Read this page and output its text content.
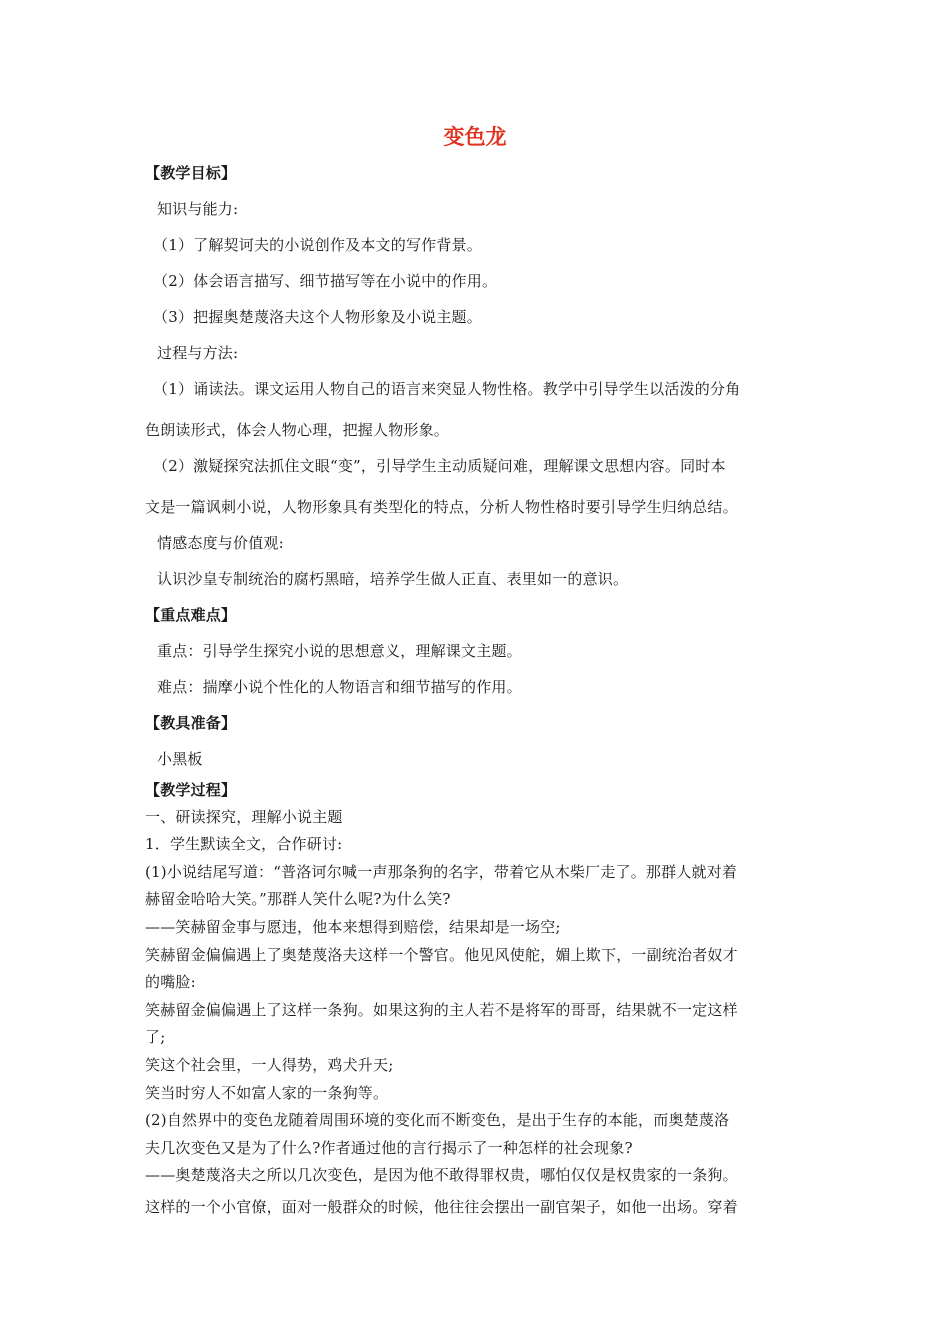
变色龙
【教学目标】
知识与能力:
（1）了解契诃夫的小说创作及本文的写作背景。
（2）体会语言描写、细节描写等在小说中的作用。
（3）把握奥楚蔑洛夫这个人物形象及小说主题。
过程与方法:
（1）诵读法。课文运用人物自己的语言来突显人物性格。教学中引导学生以活泼的分角
色朗读形式，体会人物心理，把握人物形象。
（2）激疑探究法抓住文眼“变”，引导学生主动质疑问难，理解课文思想内容。同时本
文是一篇讽刺小说，人物形象具有类型化的特点，分析人物性格时要引导学生归纳总结。
情感态度与价值观:
认识沙皇专制统治的腐朽黑暗，培养学生做人正直、表里如一的意识。
【重点难点】
重点：引导学生探究小说的思想意义，理解课文主题。
难点：揣摩小说个性化的人物语言和细节描写的作用。
【教具准备】
小黑板
【教学过程】
一、研读探究，理解小说主题
1．学生默读全文，合作研讨:
(1)小说结尾写道：“普洛诃尔喊一声那条狗的名字，带着它从木柴厂走了。那群人就对着
赫留金哈哈大笑。”那群人笑什么呢?为什么笑?
——笑赫留金事与愿违，他本来想得到赔偿，结果却是一场空;
笑赫留金偏偏遇上了奥楚蔑洛夫这样一个警官。他见风使舵，媚上欺下，一副统治者奴才
的嘴脸:
笑赫留金偏偏遇上了这样一条狗。如果这狗的主人若不是将军的哥哥，结果就不一定这样
了;
笑这个社会里，一人得势，鸡犬升天;
笑当时穷人不如富人家的一条狗等。
(2)自然界中的变色龙随着周围环境的变化而不断变色，是出于生存的本能，而奥楚蔑洛
夫几次变色又是为了什么?作者通过他的言行揭示了一种怎样的社会现象?
——奥楚蔑洛夫之所以几次变色，是因为他不敢得罪权贵，哪怕仅仅是权贵家的一条狗。
这样的一个小官僚，面对一般群众的时候，他往往会摆出一副官架子，如他一出场。穿着
